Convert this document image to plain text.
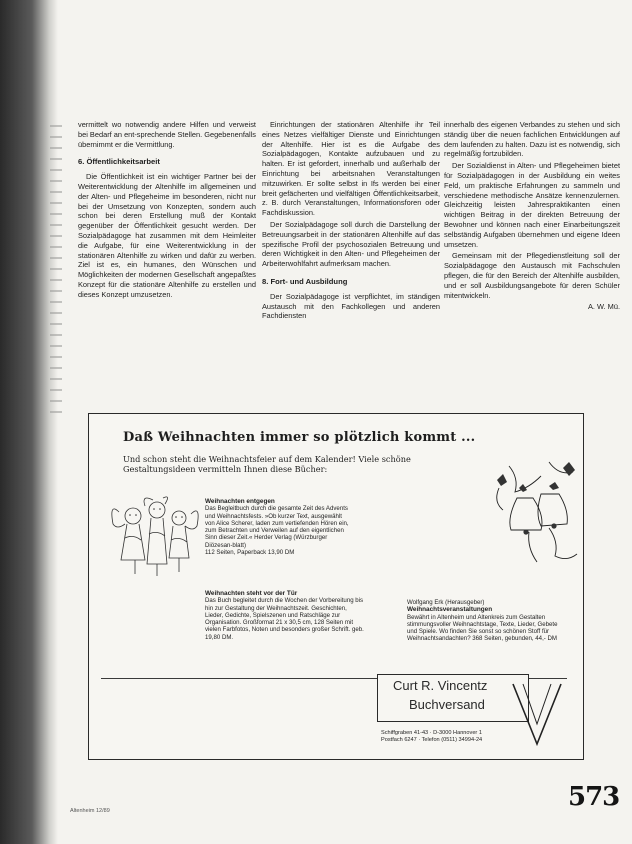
vermittelt wo notwendig andere Hilfen und verweist bei Bedarf an ent-sprechende Stellen. Gegebenenfalls übernimmt er die Vermittlung.

6. Öffentlichkeitsarbeit

Die Öffentlichkeit ist ein wichtiger Partner bei der Weiterentwicklung der Altenhilfe im allgemeinen und der Alten- und Pflegeheime im besonderen, nicht nur bei der Umsetzung von Konzepten, sondern auch schon bei deren Erstellung muß der Kontakt gegenüber der Öffentlichkeit gesucht werden. Der Sozialpädagoge hat zusammen mit dem Heimleiter die Aufgabe, für eine Weiterentwicklung in der stationären Altenhilfe zu wirken und dafür zu werben. Ziel ist es, ein humanes, den Wünschen und Möglichkeiten der modernen Gesellschaft angepaßtes Konzept für die stationäre Altenhilfe zu erstellen und dieses Konzept umzusetzen.

Einrichtungen der stationären Altenhilfe ihr Teil eines Netzes vielfältiger Dienste und Einrichtungen der Altenhilfe. Hier ist es die Aufgabe des Sozialpädagogen, Kontakte aufzubauen und zu halten. Er ist gefordert, innerhalb und außerhalb der Einrichtung bei arbeitsnahen Veranstaltungen mitzuwirken. Er sollte selbst in Ifs werden bei einer breit gefächerten und vielfältigen Öffentlichkeitsarbeit, z. B. durch Veranstaltungen, Informationsforen oder Fachdiskussion.

Der Sozialpädagoge soll durch die Darstellung der Betreuungsarbeit in der stationären Altenhilfe auf das spezifische Profil der psychosozialen Betreuung und deren Wichtigkeit in den Alten- und Pflegeheimen der Arbeiterwohlfahrt aufmerksam machen.

8. Fort- und Ausbildung

Der Sozialpädagoge ist verpflichtet, im ständigen Austausch mit den Fachkollegen und anderen Fachdiensten

innerhalb des eigenen Verbandes zu stehen und sich ständig über die neuen fachlichen Entwicklungen auf dem laufenden zu halten. Dazu ist es notwendig, sich regelmäßig fortzubilden.

Der Sozialdienst in Alten- und Pflegeheimen bietet für Sozialpädagogen in der Ausbildung ein weites Feld, um praktische Erfahrungen zu sammeln und verschiedene methodische Ansätze kennenzulernen. Gleichzeitig leisten Jahrespraktikanten einen wichtigen Beitrag in der direkten Betreuung der Bewohner und können nach einer Einarbeitungszeit selbständig Aufgaben übernehmen und eigene Ideen umsetzen.

Gemeinsam mit der Pflegedienstleitung soll der Sozialpädagoge den Austausch mit Fachschulen pflegen, die für den Bereich der Altenhilfe ausbilden, und er soll Ausbildungsangebote für deren Schüler mitentwickeln.

A. W. Mü.
Daß Weihnachten immer so plötzlich kommt ...
Und schon steht die Weihnachtsfeier auf dem Kalender! Viele schöne Gestaltungsideen vermitteln Ihnen diese Bücher:
Weihnachten entgegen
Das Begleitbuch durch die gesamte Zeit des Advents und Weihnachtsfests. »Ob kurzer Text, ausgewählt von Alice Scherer, laden zum vertiefenden Hören ein, zum Betrachten und Verweilen auf den eigentlichen Sinn dieser Zeit.« Herder Verlag (Würzburger Diözesan-blatt)
112 Seiten, Paperback 13,90 DM
Weihnachten steht vor der Tür
Das Buch begleitet durch die Wochen der Vorbereitung bis hin zur Gestaltung der Weihnachtszeit. Geschichten, Lieder, Gedichte, Spielszenen und Ratschläge zur Organisation. Großformat 21 x 30,5 cm, 128 Seiten mit vielen Farbfotos, Noten und besonders großer Schrift. geb. 19,80 DM.
Wolfgang Erk (Herausgeber)
Weihnachtsveranstaltungen
Bewährt in Altenheim und Altenkreis zum Gestalten stimmungsvoller Weihnachtstage, Texte, Lieder, Gebete und Spiele. Wo finden Sie sonst so schönen Stoff für Weihnachtsandachten? 368 Seiten, gebunden, 44,- DM
Curt R. Vincentz
Buchversand
Schiffgraben 41-43 · D-3000 Hannover 1
Postfach 6247 · Telefon (0511) 34994-24
Altenheim 12/89	573
